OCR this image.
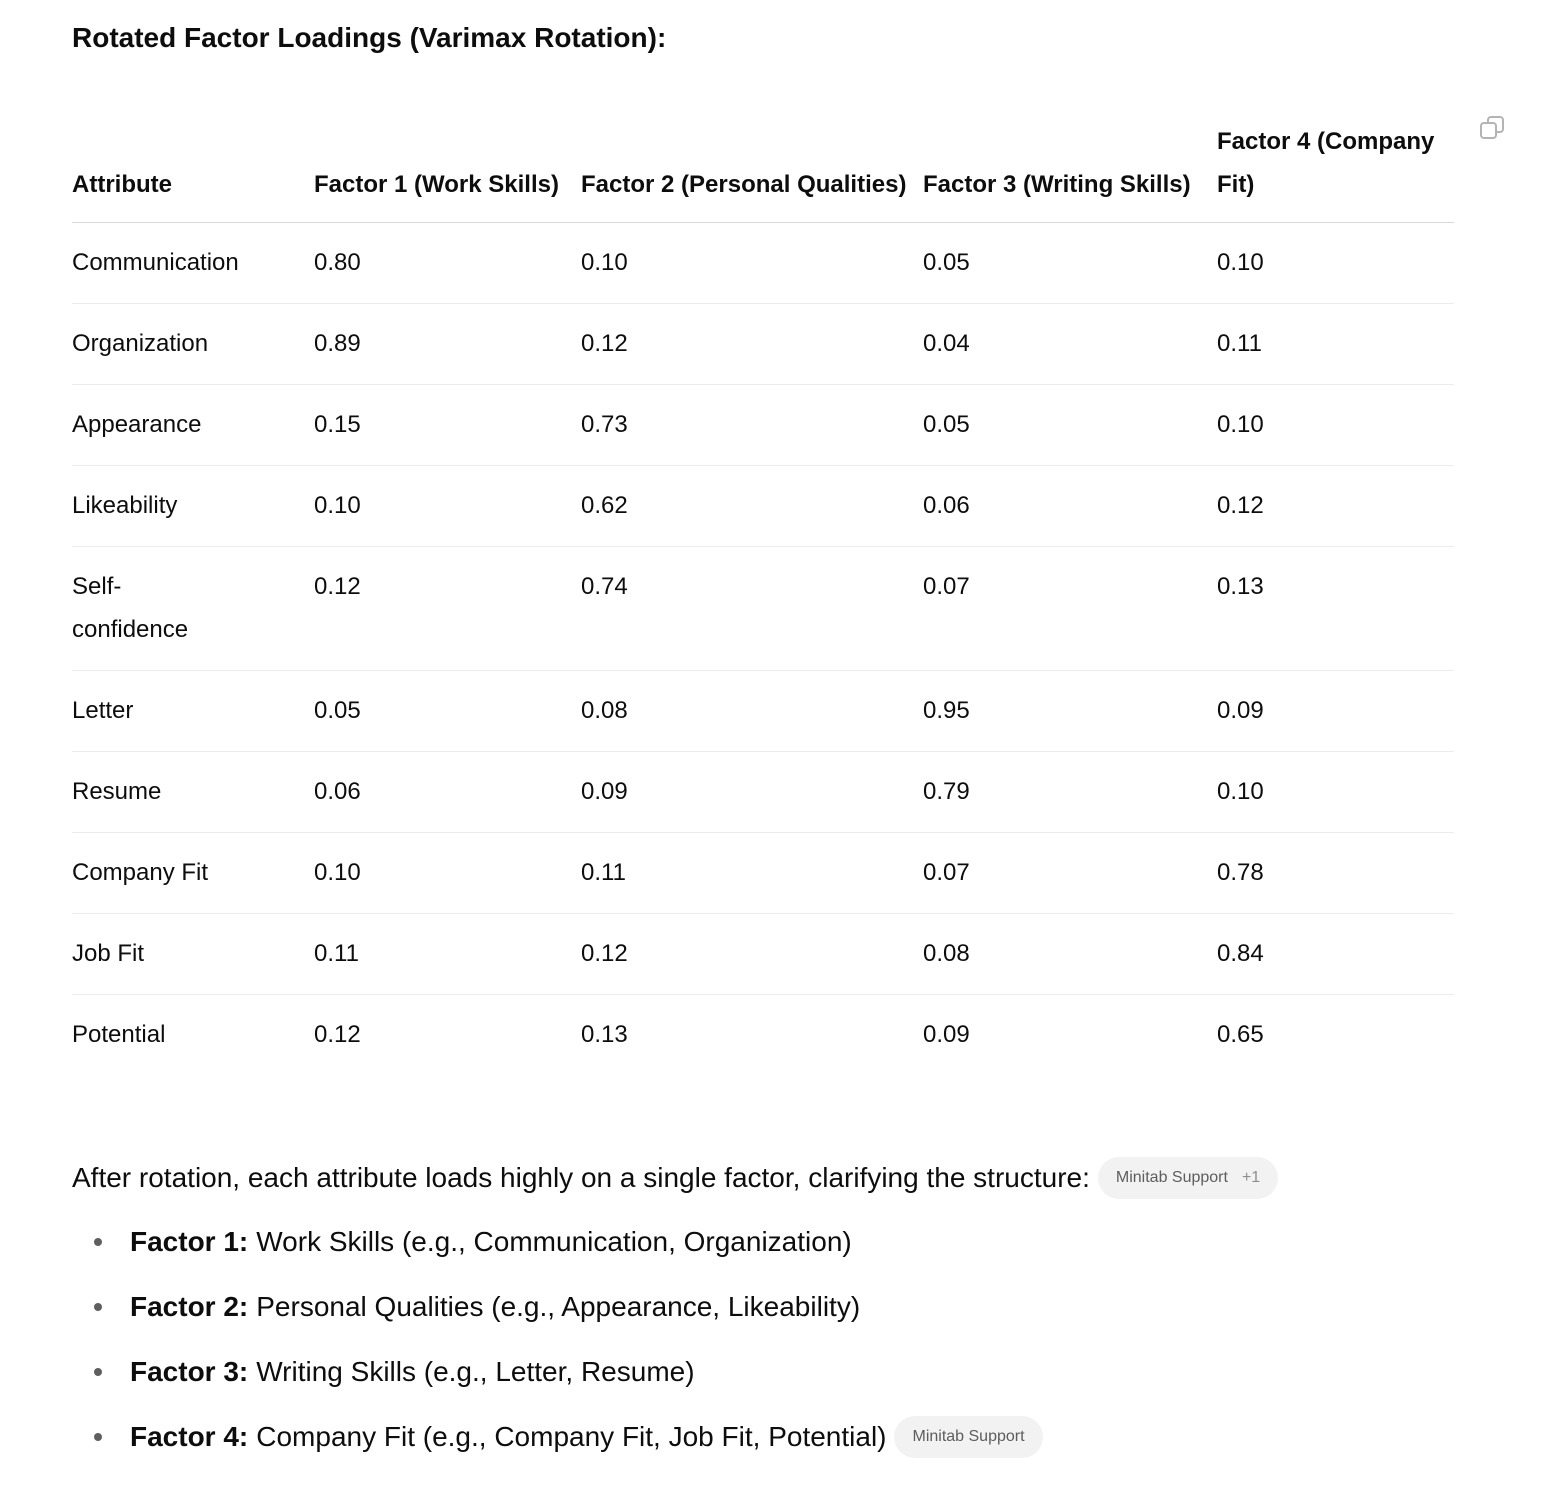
Rotated Factor Loadings (Varimax Rotation):
Attribute	Factor 1 (Work Skills)	Factor 2 (Personal Qualities)	Factor 3 (Writing Skills)	Factor 4 (Company Fit)
Communication	0.80	0.10	0.05	0.10
Organization	0.89	0.12	0.04	0.11
Appearance	0.15	0.73	0.05	0.10
Likeability	0.10	0.62	0.06	0.12
Self-confidence	0.12	0.74	0.07	0.13
Letter	0.05	0.08	0.95	0.09
Resume	0.06	0.09	0.79	0.10
Company Fit	0.10	0.11	0.07	0.78
Job Fit	0.11	0.12	0.08	0.84
Potential	0.12	0.13	0.09	0.65

After rotation, each attribute loads highly on a single factor, clarifying the structure: Minitab Support +1

Factor 1: Work Skills (e.g., Communication, Organization)
Factor 2: Personal Qualities (e.g., Appearance, Likeability)
Factor 3: Writing Skills (e.g., Letter, Resume)
Factor 4: Company Fit (e.g., Company Fit, Job Fit, Potential) Minitab Support
